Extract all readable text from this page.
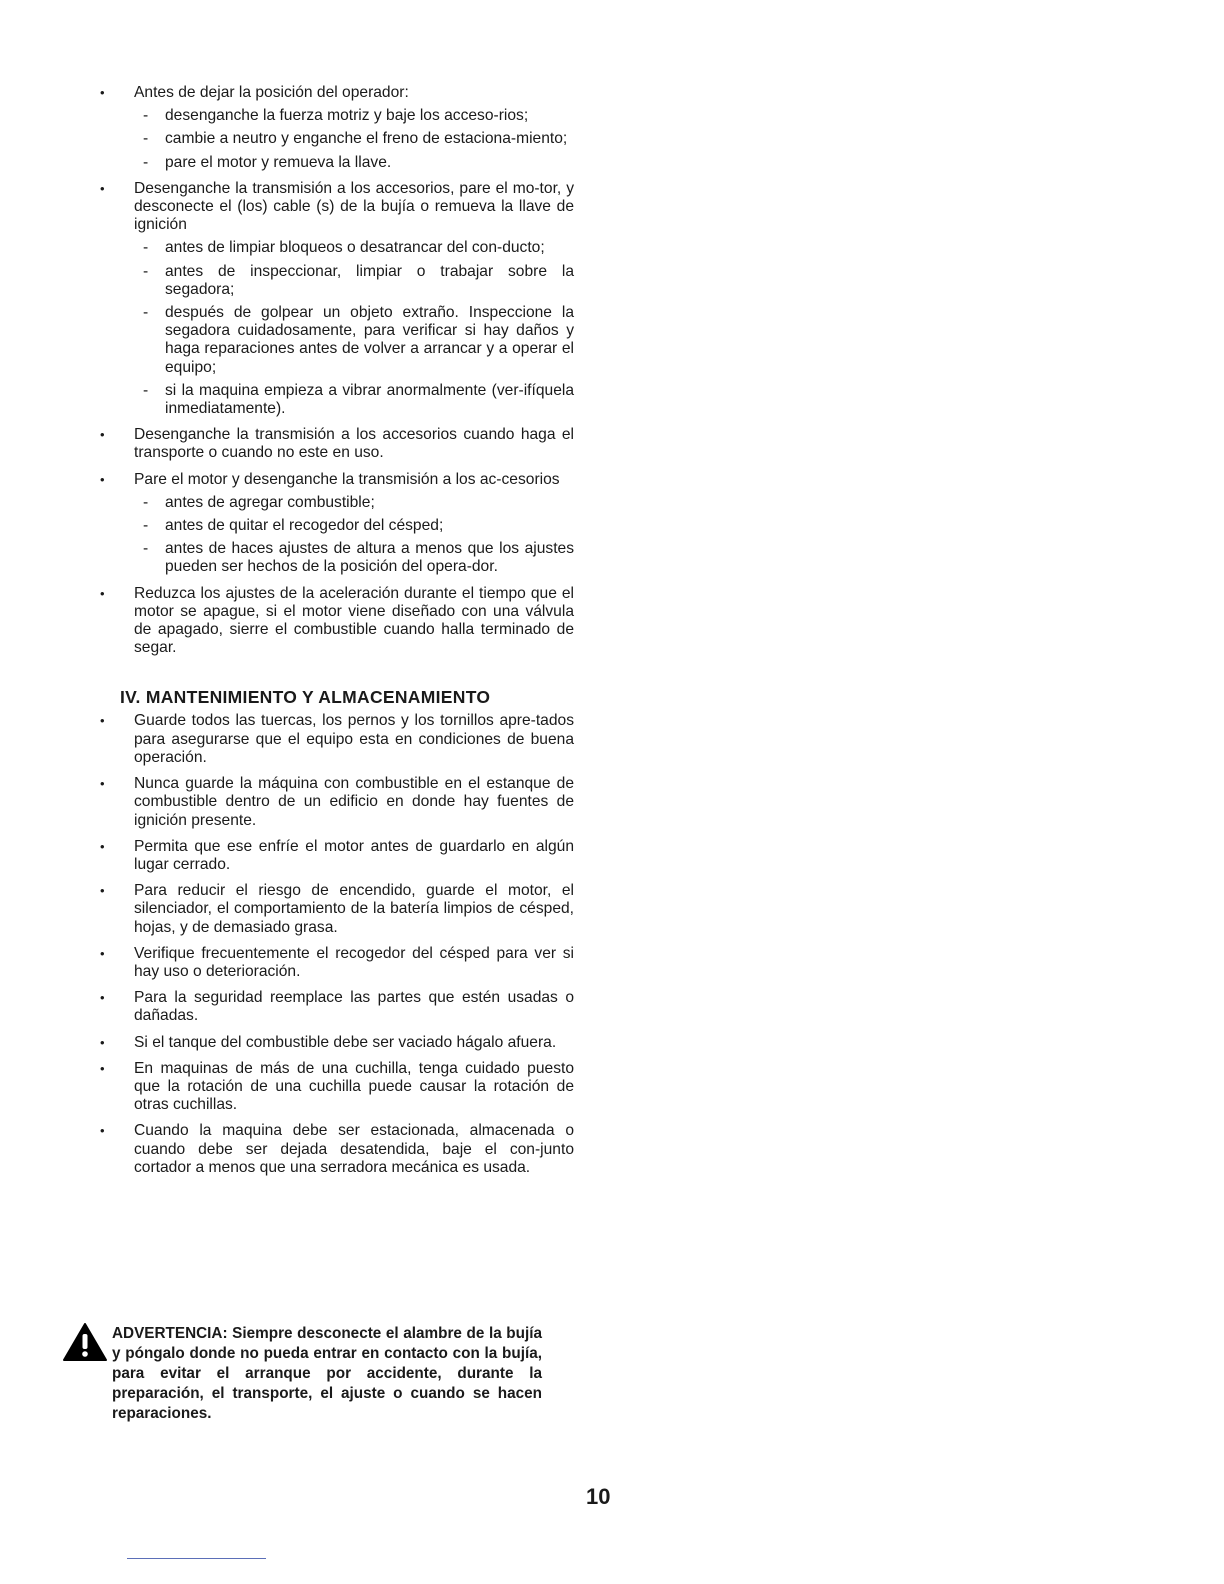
• Antes de dejar la posición del operador:
- desenganche la fuerza motriz y baje los acceso-rios;
- cambie a neutro y enganche el freno de estaciona-miento;
- pare el motor y remueva la llave.
• Desenganche la transmisión a los accesorios, pare el mo-tor, y desconecte el (los) cable (s) de la bujía o remueva la llave de ignición
- antes de limpiar bloqueos o desatrancar del con-ducto;
- antes de inspeccionar, limpiar o trabajar sobre la segadora;
- después de golpear un objeto extraño. Inspeccione la segadora cuidadosamente, para verificar si hay daños y haga reparaciones antes de volver a arrancar y a operar el equipo;
- si la maquina empieza a vibrar anormalmente (ver-ifíquela inmediatamente).
• Desenganche la transmisión a los accesorios cuando haga el transporte o cuando no este en uso.
• Pare el motor y desenganche la transmisión a los ac-cesorios
- antes de agregar combustible;
- antes de quitar el recogedor del césped;
- antes de haces ajustes de altura a menos que los ajustes pueden ser hechos de la posición del opera-dor.
• Reduzca los ajustes de la aceleración durante el tiempo que el motor se apague, si el motor viene diseñado con una válvula de apagado, sierre el combustible cuando halla terminado de segar.
IV. MANTENIMIENTO Y ALMACENAMIENTO
• Guarde todos las tuercas, los pernos y los tornillos apre-tados para asegurarse que el equipo esta en condiciones de buena operación.
• Nunca guarde la máquina con combustible en el estanque de combustible dentro de un edificio en donde hay fuentes de ignición presente.
• Permita que ese enfríe el motor antes de guardarlo en algún lugar cerrado.
• Para reducir el riesgo de encendido, guarde el motor, el silenciador, el comportamiento de la batería limpios de césped, hojas, y de demasiado grasa.
• Verifique frecuentemente el recogedor del césped para ver si hay uso o deterioración.
• Para la seguridad reemplace las partes que estén usadas o dañadas.
• Si el tanque del combustible debe ser vaciado hágalo afuera.
• En maquinas de más de una cuchilla, tenga cuidado puesto que la rotación de una cuchilla puede causar la rotación de otras cuchillas.
• Cuando la maquina debe ser estacionada, almacenada o cuando debe ser dejada desatendida, baje el con-junto cortador a menos que una serradora mecánica es usada.
ADVERTENCIA: Siempre desconecte el alambre de la bujía y póngalo donde no pueda entrar en contacto con la bujía, para evitar el arranque por accidente, durante la preparación, el transporte, el ajuste o cuando se hacen reparaciones.
10
